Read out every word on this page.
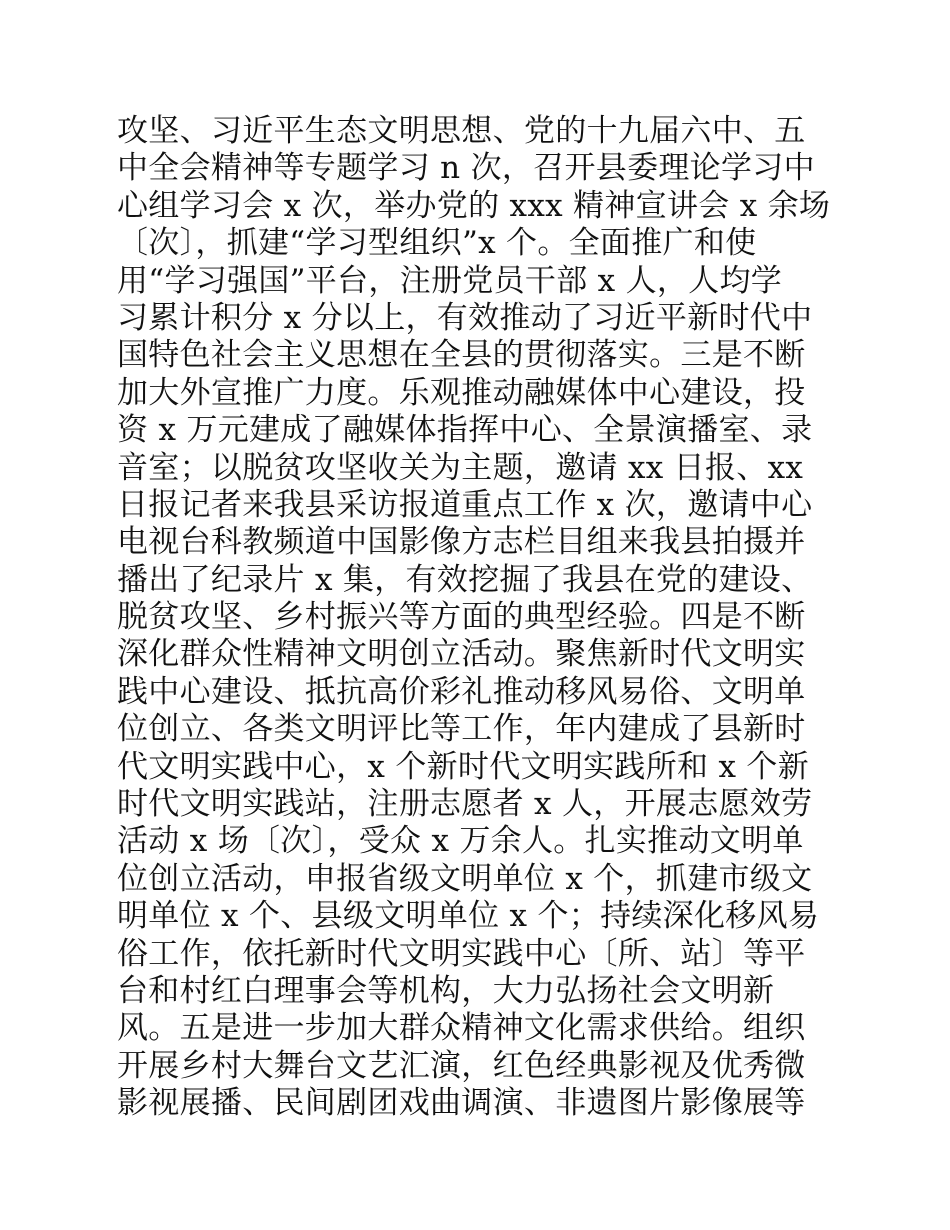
攻坚、习近平生态文明思想、党的十九届六中、五
中全会精神等专题学习 n 次，召开县委理论学习中
心组学习会 x 次，举办党的 xxx 精神宣讲会 x 余场
〔次〕，抓建“学习型组织”x 个。全面推广和使
用“学习强国”平台，注册党员干部 x 人，人均学
习累计积分 x 分以上，有效推动了习近平新时代中
国特色社会主义思想在全县的贯彻落实。三是不断
加大外宣推广力度。乐观推动融媒体中心建设，投
资 x 万元建成了融媒体指挥中心、全景演播室、录
音室；以脱贫攻坚收关为主题，邀请 xx 日报、xx
日报记者来我县采访报道重点工作 x 次，邀请中心
电视台科教频道中国影像方志栏目组来我县拍摄并
播出了纪录片 x 集，有效挖掘了我县在党的建设、
脱贫攻坚、乡村振兴等方面的典型经验。四是不断
深化群众性精神文明创立活动。聚焦新时代文明实
践中心建设、抵抗高价彩礼推动移风易俗、文明单
位创立、各类文明评比等工作，年内建成了县新时
代文明实践中心，x 个新时代文明实践所和 x 个新
时代文明实践站，注册志愿者 x 人，开展志愿效劳
活动 x 场〔次〕，受众 x 万余人。扎实推动文明单
位创立活动，申报省级文明单位 x 个，抓建市级文
明单位 x 个、县级文明单位 x 个；持续深化移风易
俗工作，依托新时代文明实践中心〔所、站〕等平
台和村红白理事会等机构，大力弘扬社会文明新
风。五是进一步加大群众精神文化需求供给。组织
开展乡村大舞台文艺汇演，红色经典影视及优秀微
影视展播、民间剧团戏曲调演、非遗图片影像展等
